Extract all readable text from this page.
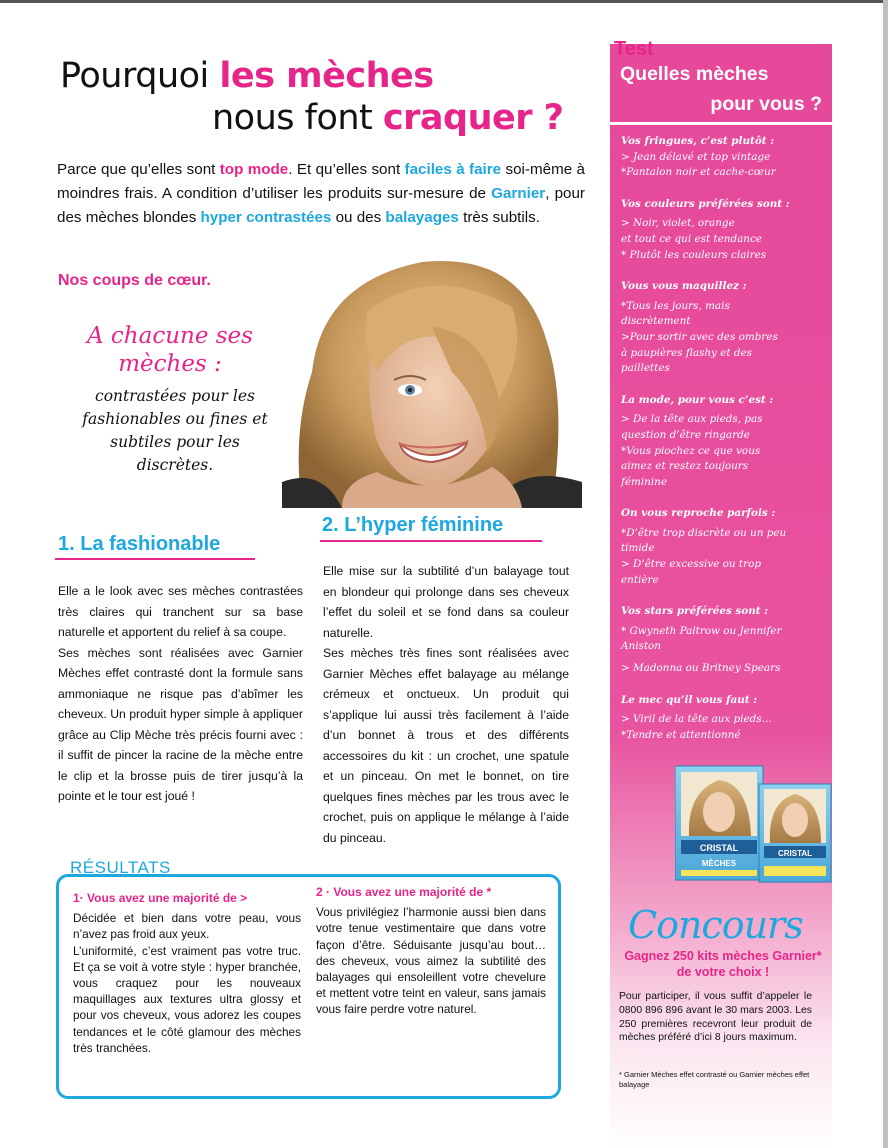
Pourquoi les mèches
nous font craquer ?
Parce que qu’elles sont top mode. Et qu’elles sont faciles à faire soi-même à moindres frais. A condition d’utiliser les produits sur-mesure de Garnier, pour des mèches blondes hyper contrastées ou des balayages très subtils.
Nos coups de cœur.
A chacune ses mèches :
contrastées pour les fashionables ou fines et subtiles pour les discrètes.
1. La fashionable
2. L’hyper féminine
Elle a le look avec ses mèches contrastées très claires qui tranchent sur sa base naturelle et apportent du relief à sa coupe.
Ses mèches sont réalisées avec Garnier Mèches effet contrasté dont la formule sans ammoniaque ne risque pas d’abîmer les cheveux. Un produit hyper simple à appliquer grâce au Clip Mèche très précis fourni avec : il suffit de pincer la racine de la mèche entre le clip et la brosse puis de tirer jusqu’à la pointe et le tour est joué !
Elle mise sur la subtilité d’un balayage tout en blondeur qui prolonge dans ses cheveux l’effet du soleil et se fond dans sa couleur naturelle.
Ses mèches très fines sont réalisées avec Garnier Mèches effet balayage au mélange crémeux et onctueux. Un produit qui s’applique lui aussi très facilement à l’aide d’un bonnet à trous et des différents accessoires du kit : un crochet, une spatule et un pinceau. On met le bonnet, on tire quelques fines mèches par les trous avec le crochet, puis on applique le mélange à l’aide du pinceau.
RÉSULTATS
1· Vous avez une majorité de >
Décidée et bien dans votre peau, vous n’avez pas froid aux yeux.
L’uniformité, c’est vraiment pas votre truc. Et ça se voit à votre style : hyper branchée, vous craquez pour les nouveaux maquillages aux textures ultra glossy et pour vos cheveux, vous adorez les coupes tendances et le côté glamour des mèches très tranchées.
2 · Vous avez une majorité de *
Vous privilégiez l’harmonie aussi bien dans votre tenue vestimentaire que dans votre façon d’être. Séduisante jusqu’au bout… des cheveux, vous aimez la subtilité des balayages qui ensoleillent votre chevelure et mettent votre teint en valeur, sans jamais vous faire perdre votre naturel.
Test
Quelles mèches
pour vous ?
Vos fringues, c’est plutôt :
> Jean délavé et top vintage
*Pantalon noir et cache-cœur
Vos couleurs préférées sont :
> Noir, violet, orange
et tout ce qui est tendance
* Plutôt les couleurs claires
Vous vous maquillez :
*Tous les jours, mais
discrètement
>Pour sortir avec des ombres
à paupières flashy et des
paillettes
La mode, pour vous c’est :
> De la tête aux pieds, pas
question d’être ringarde
*Vous piochez ce que vous
aimez et restez toujours
féminine
On vous reproche parfois :
*D’être trop discrète ou un peu
timide
> D’être excessive ou trop
entière
Vos stars préférées sont :
* Gwyneth Paltrow ou Jennifer
Aniston
> Madonna ou Britney Spears
Le mec qu’il vous faut :
> Viril de la tête aux pieds…
*Tendre et attentionné
CRISTAL
MÈCHES
CRISTAL
Concours
Gagnez 250 kits mèches Garnier* de votre choix !
Pour participer, il vous suffit d’appeler le 0800 896 896 avant le 30 mars 2003. Les 250 premières recevront leur produit de mèches préféré d’ici 8 jours maximum.
* Garnier Mèches effet contrasté ou Garnier mèches effet balayage
